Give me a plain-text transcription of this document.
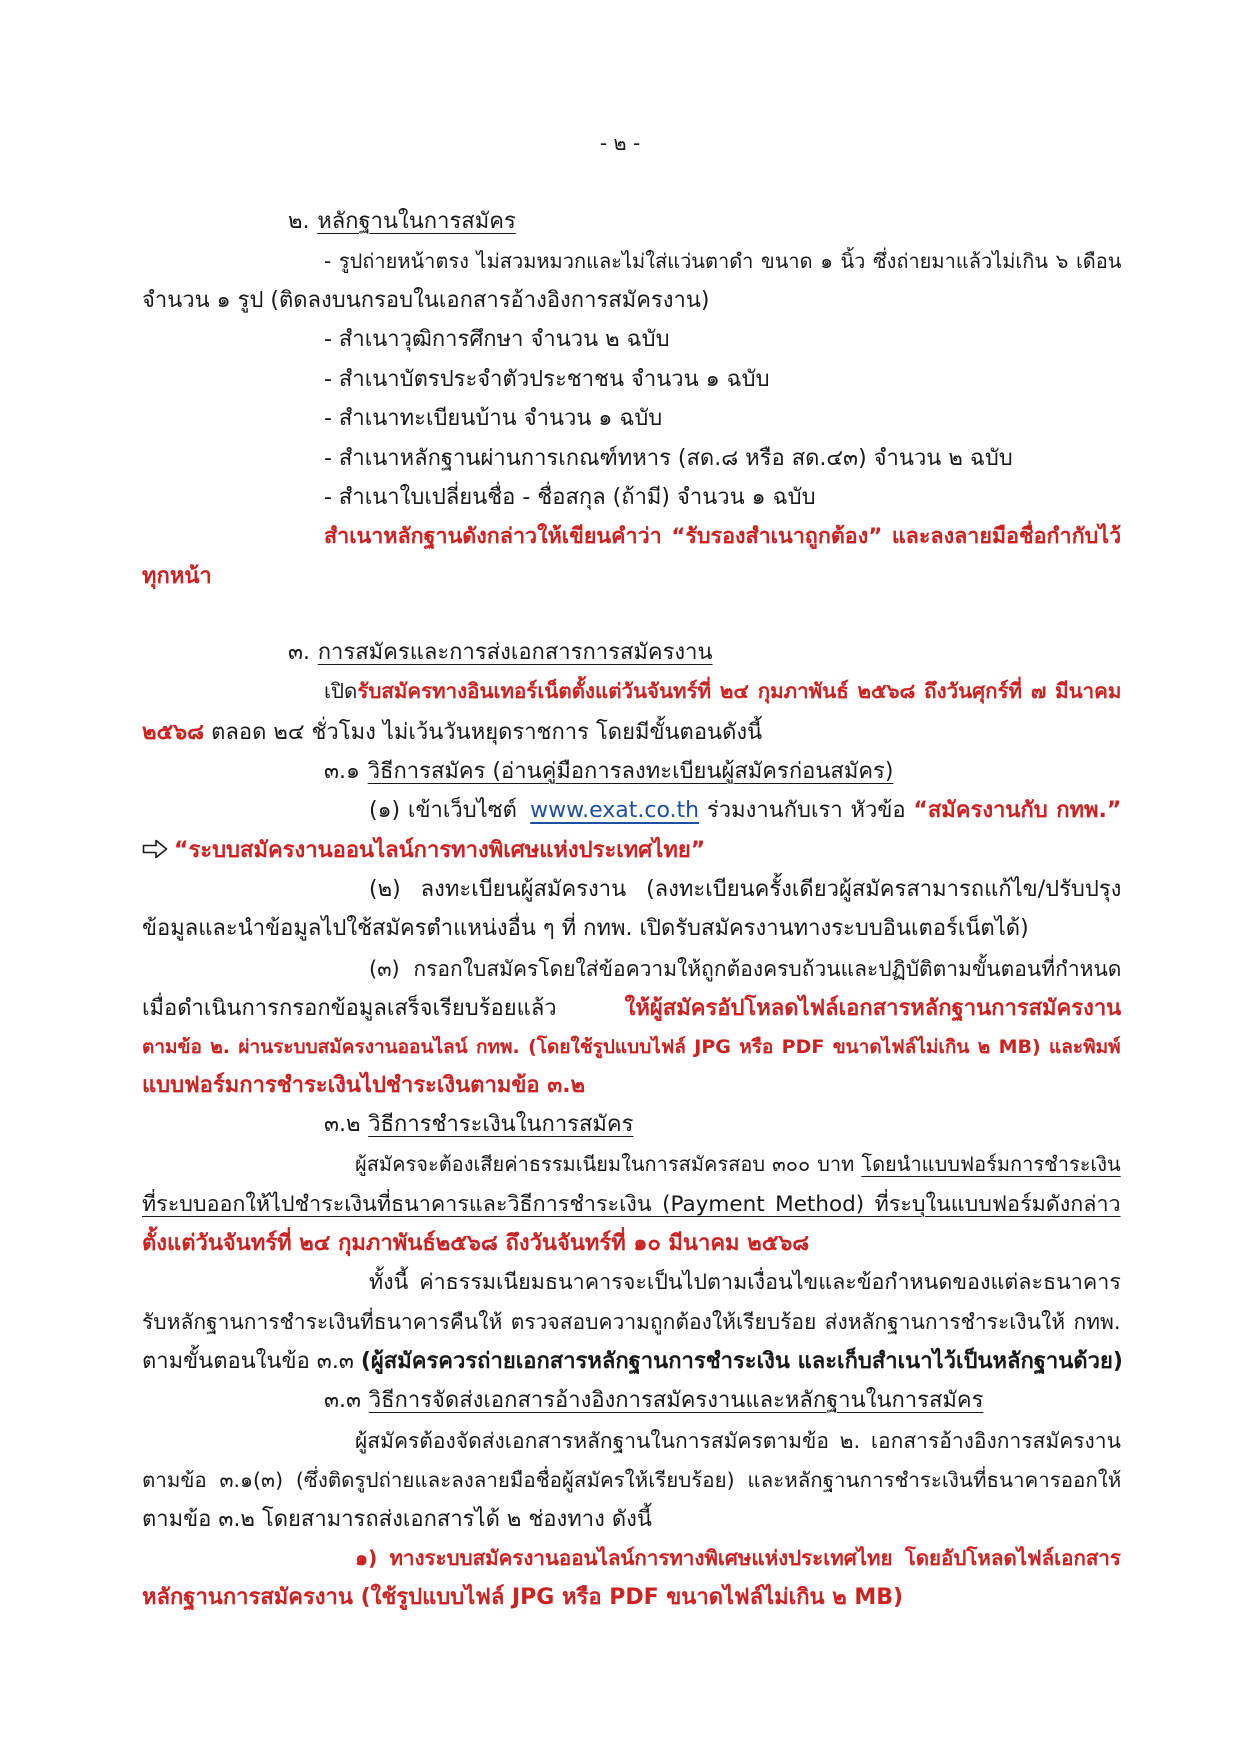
- ๒ -
๒. หลักฐานในการสมัคร
- รูปถ่ายหน้าตรง ไม่สวมหมวกและไม่ใส่แว่นตาดำ ขนาด ๑ นิ้ว ซึ่งถ่ายมาแล้วไม่เกิน ๖ เดือน
จำนวน ๑ รูป (ติดลงบนกรอบในเอกสารอ้างอิงการสมัครงาน)
- สำเนาวุฒิการศึกษา จำนวน ๒ ฉบับ
- สำเนาบัตรประจำตัวประชาชน จำนวน ๑ ฉบับ
- สำเนาทะเบียนบ้าน จำนวน ๑ ฉบับ
- สำเนาหลักฐานผ่านการเกณฑ์ทหาร (สด.๘ หรือ สด.๔๓) จำนวน ๒ ฉบับ
- สำเนาใบเปลี่ยนชื่อ - ชื่อสกุล (ถ้ามี) จำนวน ๑ ฉบับ
สำเนาหลักฐานดังกล่าวให้เขียนคำว่า “รับรองสำเนาถูกต้อง” และลงลายมือชื่อกำกับไว้
ทุกหน้า
๓. การสมัครและการส่งเอกสารการสมัครงาน
เปิดรับสมัครทางอินเทอร์เน็ตตั้งแต่วันจันทร์ที่ ๒๔ กุมภาพันธ์ ๒๕๖๘ ถึงวันศุกร์ที่ ๗ มีนาคม
๒๕๖๘ ตลอด ๒๔ ชั่วโมง ไม่เว้นวันหยุดราชการ โดยมีขั้นตอนดังนี้
๓.๑ วิธีการสมัคร (อ่านคู่มือการลงทะเบียนผู้สมัครก่อนสมัคร)
(๑) เข้าเว็บไซต์ www.exat.co.th ร่วมงานกับเรา หัวข้อ “สมัครงานกับ กทพ.”
“ระบบสมัครงานออนไลน์การทางพิเศษแห่งประเทศไทย”
(๒) ลงทะเบียนผู้สมัครงาน (ลงทะเบียนครั้งเดียวผู้สมัครสามารถแก้ไข/ปรับปรุง
ข้อมูลและนำข้อมูลไปใช้สมัครตำแหน่งอื่น ๆ ที่ กทพ. เปิดรับสมัครงานทางระบบอินเตอร์เน็ตได้)
(๓) กรอกใบสมัครโดยใส่ข้อความให้ถูกต้องครบถ้วนและปฏิบัติตามขั้นตอนที่กำหนด
เมื่อดำเนินการกรอกข้อมูลเสร็จเรียบร้อยแล้ว ให้ผู้สมัครอัปโหลดไฟล์เอกสารหลักฐานการสมัครงาน
ตามข้อ ๒. ผ่านระบบสมัครงานออนไลน์ กทพ. (โดยใช้รูปแบบไฟล์ JPG หรือ PDF ขนาดไฟล์ไม่เกิน ๒ MB) และพิมพ์
แบบฟอร์มการชำระเงินไปชำระเงินตามข้อ ๓.๒
๓.๒ วิธีการชำระเงินในการสมัคร
ผู้สมัครจะต้องเสียค่าธรรมเนียมในการสมัครสอบ ๓๐๐ บาท โดยนำแบบฟอร์มการชำระเงิน
ที่ระบบออกให้ไปชำระเงินที่ธนาคารและวิธีการชำระเงิน (Payment Method) ที่ระบุในแบบฟอร์มดังกล่าว
ตั้งแต่วันจันทร์ที่ ๒๔ กุมภาพันธ์๒๕๖๘ ถึงวันจันทร์ที่ ๑๐ มีนาคม ๒๕๖๘
ทั้งนี้ ค่าธรรมเนียมธนาคารจะเป็นไปตามเงื่อนไขและข้อกำหนดของแต่ละธนาคาร
รับหลักฐานการชำระเงินที่ธนาคารคืนให้ ตรวจสอบความถูกต้องให้เรียบร้อย ส่งหลักฐานการชำระเงินให้ กทพ.
ตามขั้นตอนในข้อ ๓.๓ (ผู้สมัครควรถ่ายเอกสารหลักฐานการชำระเงิน และเก็บสำเนาไว้เป็นหลักฐานด้วย)
๓.๓ วิธีการจัดส่งเอกสารอ้างอิงการสมัครงานและหลักฐานในการสมัคร
ผู้สมัครต้องจัดส่งเอกสารหลักฐานในการสมัครตามข้อ ๒. เอกสารอ้างอิงการสมัครงาน
ตามข้อ ๓.๑(๓) (ซึ่งติดรูปถ่ายและลงลายมือชื่อผู้สมัครให้เรียบร้อย) และหลักฐานการชำระเงินที่ธนาคารออกให้
ตามข้อ ๓.๒ โดยสามารถส่งเอกสารได้ ๒ ช่องทาง ดังนี้
๑) ทางระบบสมัครงานออนไลน์การทางพิเศษแห่งประเทศไทย โดยอัปโหลดไฟล์เอกสาร
หลักฐานการสมัครงาน (ใช้รูปแบบไฟล์ JPG หรือ PDF ขนาดไฟล์ไม่เกิน ๒ MB)
